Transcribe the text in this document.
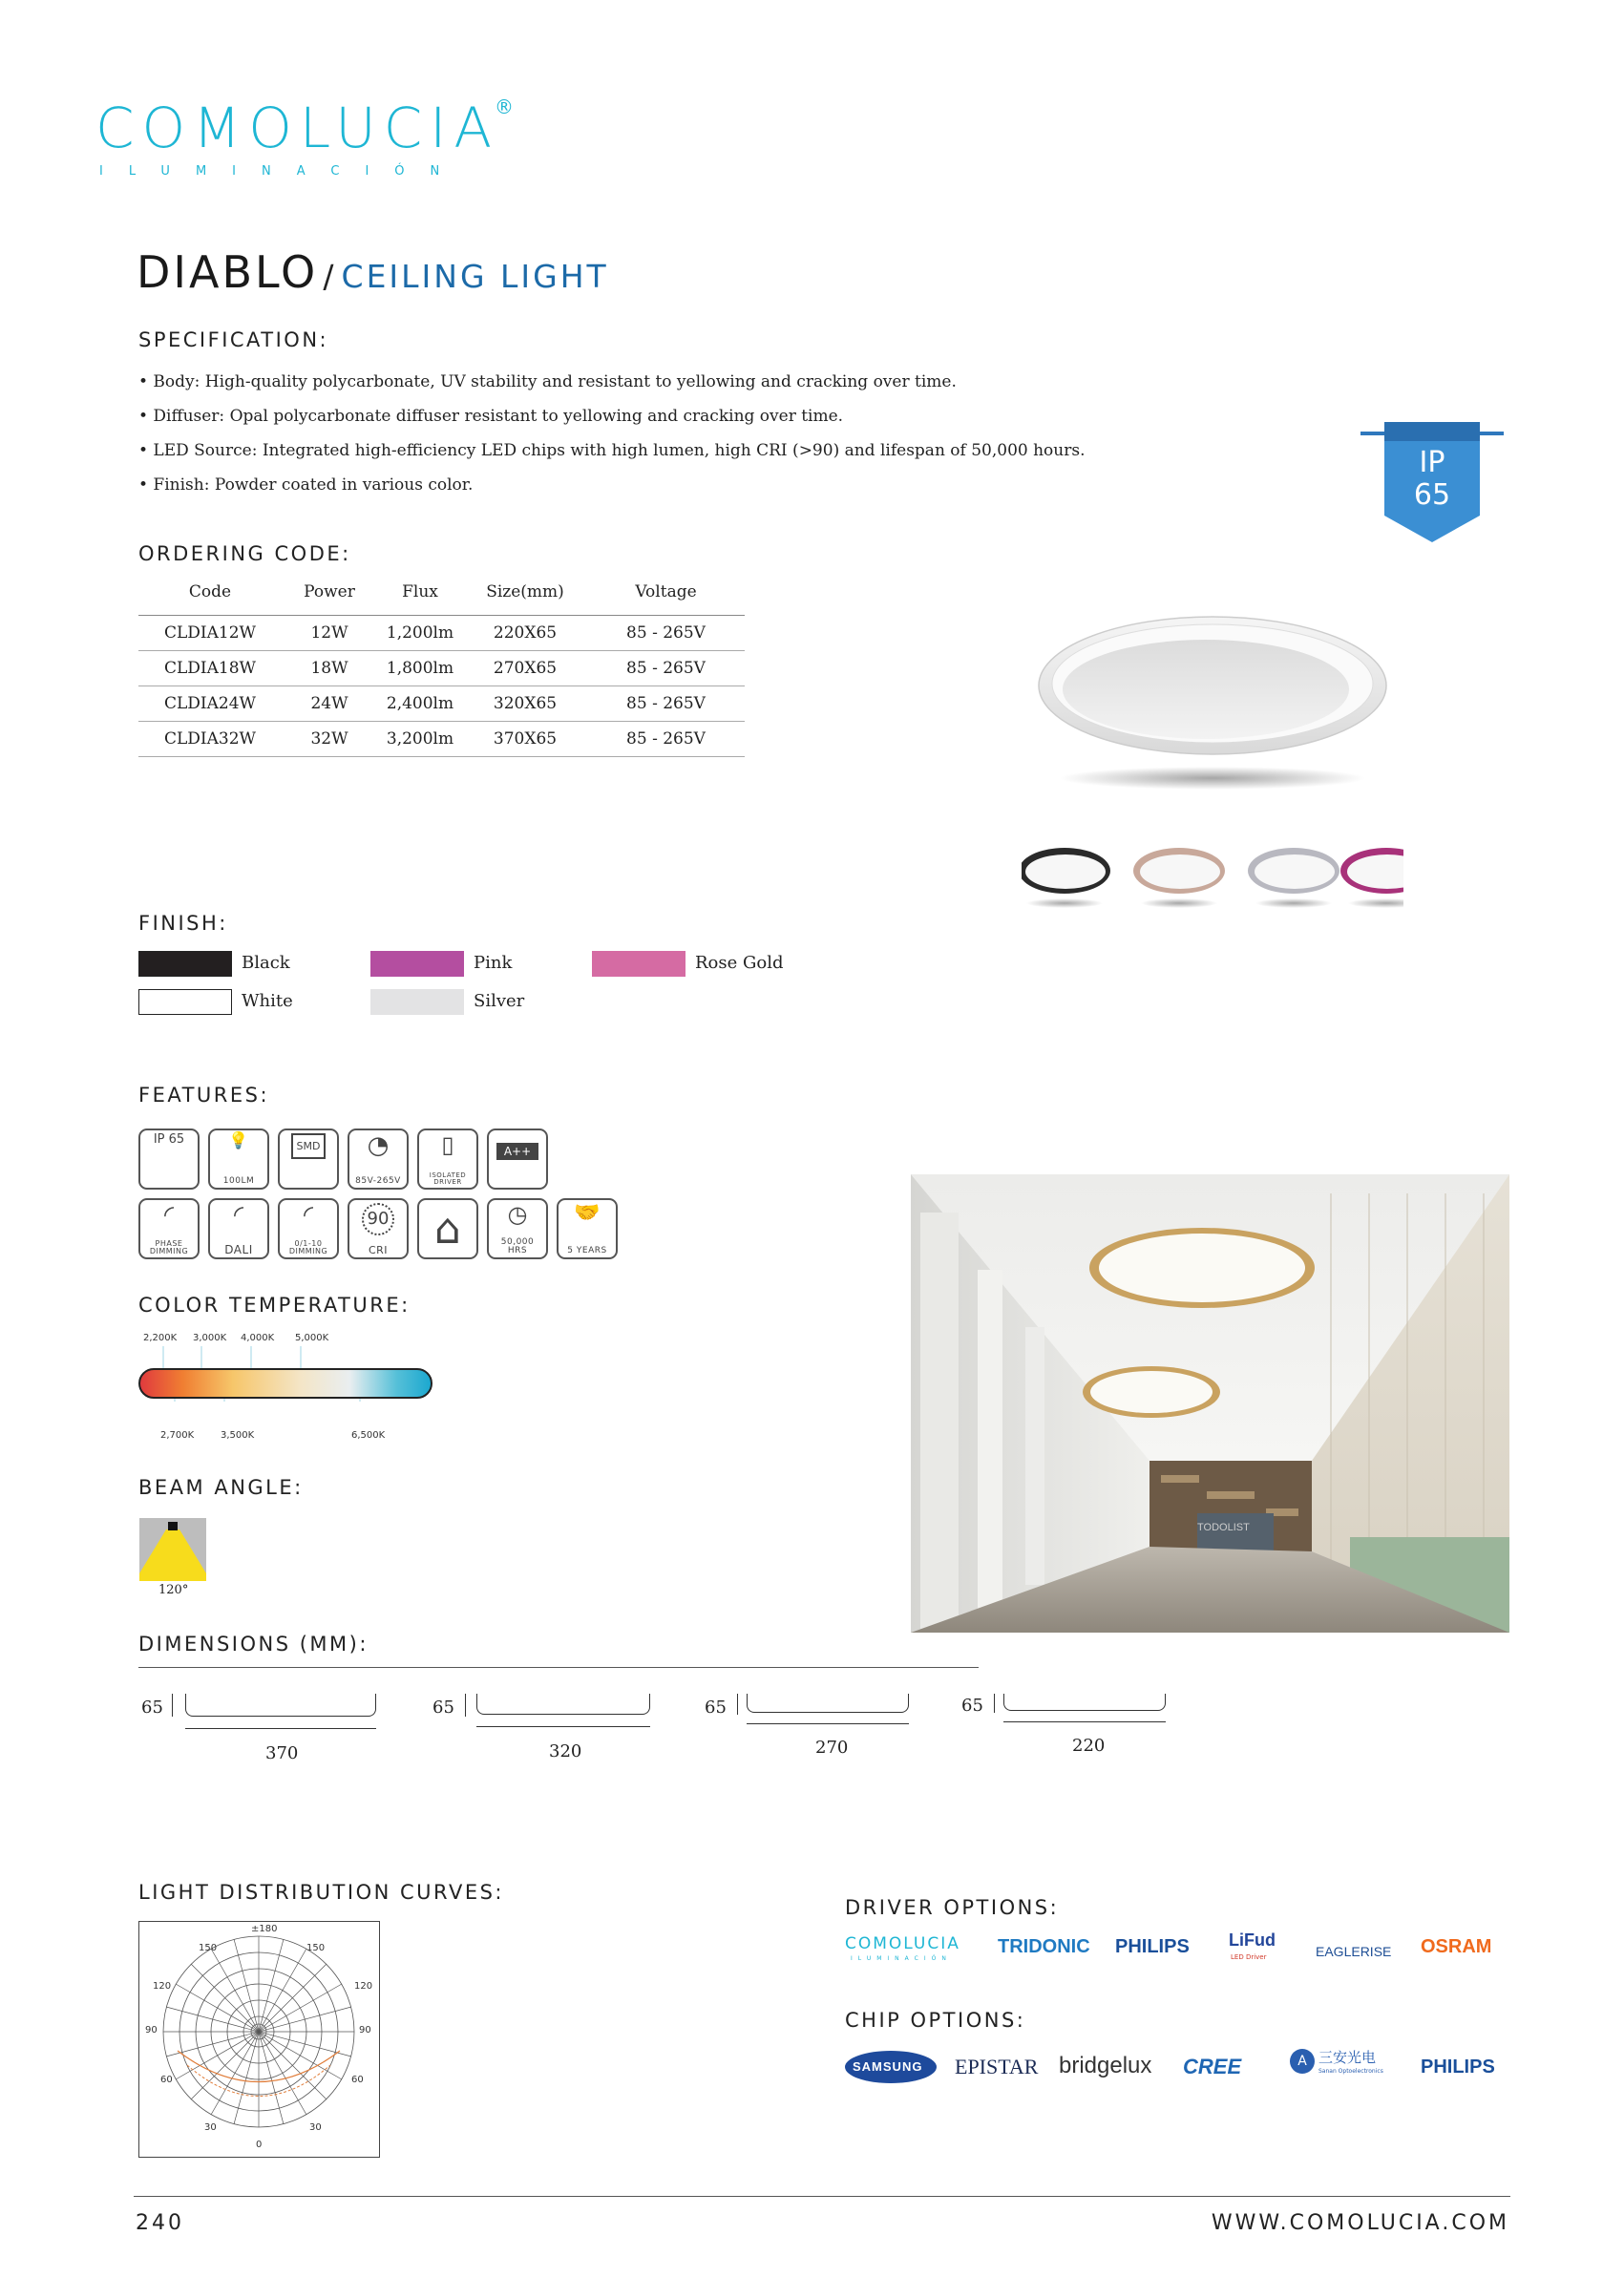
COMOLUCIA
®
ILUMINACIÓN
DIABLO / CEILING LIGHT
SPECIFICATION:
• Body: High-quality polycarbonate, UV stability and resistant to yellowing and cracking over time.
• Diffuser: Opal polycarbonate diffuser resistant to yellowing and cracking over time.
• LED Source: Integrated high-efficiency LED chips with high lumen, high CRI (>90) and lifespan of 50,000 hours.
• Finish: Powder coated in various color.
IP
65
ORDERING CODE:
Code	Power	Flux	Size(mm)	Voltage
CLDIA12W	12W	1,200lm	220X65	85 - 265V
CLDIA18W	18W	1,800lm	270X65	85 - 265V
CLDIA24W	24W	2,400lm	320X65	85 - 265V
CLDIA32W	32W	3,200lm	370X65	85 - 265V
FINISH:
Black	Pink	Rose Gold
White	Silver
FEATURES:
IP 65	💡
100LM
SMD ◔
85V-265V
▯
ISOLATED DRIVER
A++
◜
PHASE DIMMING
◜
DALI
◜
0/1-10 DIMMING
90
CRI ⌂ ◷
50,000 HRS
🤝
5 YEARS
COLOR TEMPERATURE:
2,200K 3,000K 4,000K 5,000K
2,700K	3,500K	6,500K
BEAM ANGLE:
120°
TODOLIST
DIMENSIONS (MM):
65
370
65
320
65
270
65
220
LIGHT DISTRIBUTION CURVES:
±180
150	150
120	120
90	90
60	60
30	30
0
DRIVER OPTIONS:
COMOLUCIA
ILUMINACIÓN
TRIDONIC PHILIPS LiFud
LED Driver	EAGLERISE OSRAM
CHIP OPTIONS:
SAMSUNG EPISTAR bridgelux CREE	A 三安光电
Sanan Optoelectronics PHILIPS
240	WWW.COMOLUCIA.COM
